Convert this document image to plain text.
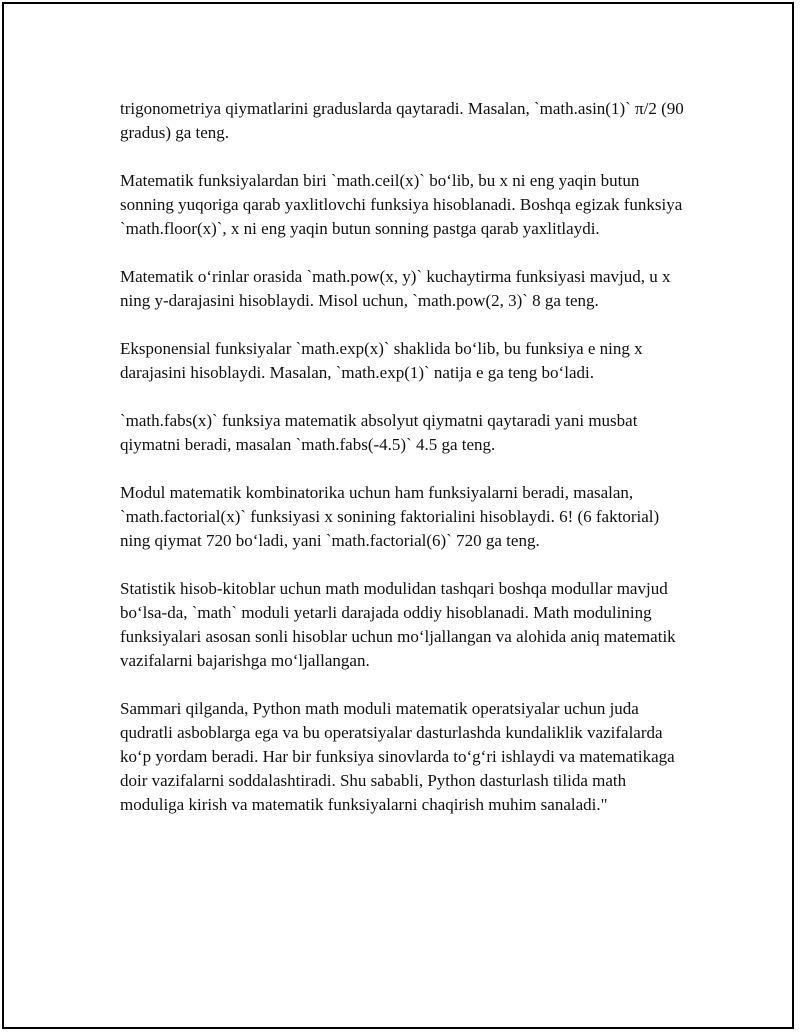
trigonometriya qiymatlarini graduslarda qaytaradi. Masalan, `math.asin(1)` π/2 (90 gradus) ga teng.

Matematik funksiyalardan biri `math.ceil(x)` bo‘lib, bu x ni eng yaqin butun sonning yuqoriga qarab yaxlitlovchi funksiya hisoblanadi. Boshqa egizak funksiya `math.floor(x)`, x ni eng yaqin butun sonning pastga qarab yaxlitlaydi.

Matematik o‘rinlar orasida `math.pow(x, y)` kuchaytirma funksiyasi mavjud, u x ning y-darajasini hisoblaydi. Misol uchun, `math.pow(2, 3)` 8 ga teng.

Eksponensial funksiyalar `math.exp(x)` shaklida bo‘lib, bu funksiya e ning x darajasini hisoblaydi. Masalan, `math.exp(1)` natija e ga teng bo‘ladi.

`math.fabs(x)` funksiya matematik absolyut qiymatni qaytaradi yani musbat qiymatni beradi, masalan `math.fabs(-4.5)` 4.5 ga teng.

Modul matematik kombinatorika uchun ham funksiyalarni beradi, masalan, `math.factorial(x)` funksiyasi x sonining faktorialini hisoblaydi. 6! (6 faktorial) ning qiymat 720 bo‘ladi, yani `math.factorial(6)` 720 ga teng.

Statistik hisob-kitoblar uchun math modulidan tashqari boshqa modullar mavjud bo‘lsa-da, `math` moduli yetarli darajada oddiy hisoblanadi. Math modulining funksiyalari asosan sonli hisoblar uchun mo‘ljallangan va alohida aniq matematik vazifalarni bajarishga mo‘ljallangan.

Sammari qilganda, Python math moduli matematik operatsiyalar uchun juda qudratli asboblarga ega va bu operatsiyalar dasturlashda kundaliklik vazifalarda ko‘p yordam beradi. Har bir funksiya sinovlarda to‘g‘ri ishlaydi va matematikaga doir vazifalarni soddalashtiradi. Shu sababli, Python dasturlash tilida math moduliga kirish va matematik funksiyalarni chaqirish muhim sanaladi."
